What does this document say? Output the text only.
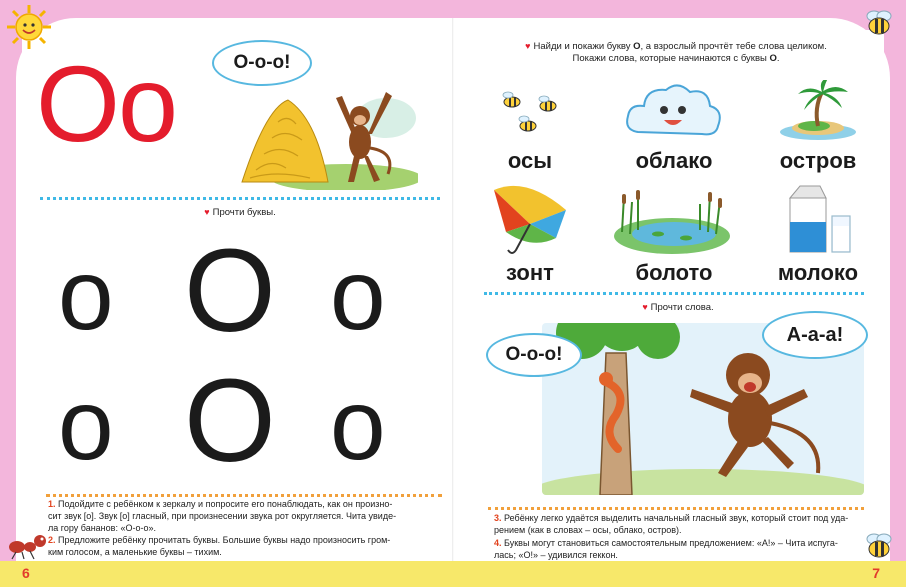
Оо	О-о-о!
♥ Прочти буквы.
о О о
о О о
1. Подойдите с ребёнком к зеркалу и попросите его понаблюдать, как он произно-
сит звук [о]. Звук [о] гласный, при произнесении звука рот округляется. Чита увиде-
ла гору бананов: «О-о-о».
2. Предложите ребёнку прочитать буквы. Большие буквы надо произносить гром-
ким голосом, а маленькие буквы – тихим.
6
♥ Найди и покажи букву О, а взрослый прочтёт тебе слова целиком.
Покажи слова, которые начинаются с буквы О.
осы	облако	остров
зонт	болото	молоко
♥ Прочти слова.
О-о-о!
А-а-а!
3. Ребёнку легко удаётся выделить начальный гласный звук, который стоит под уда-
рением (как в словах – осы, облако, остров).
4. Буквы могут становиться самостоятельным предложением: «А!» – Чита испуга-
лась; «О!» – удивился геккон.
7
